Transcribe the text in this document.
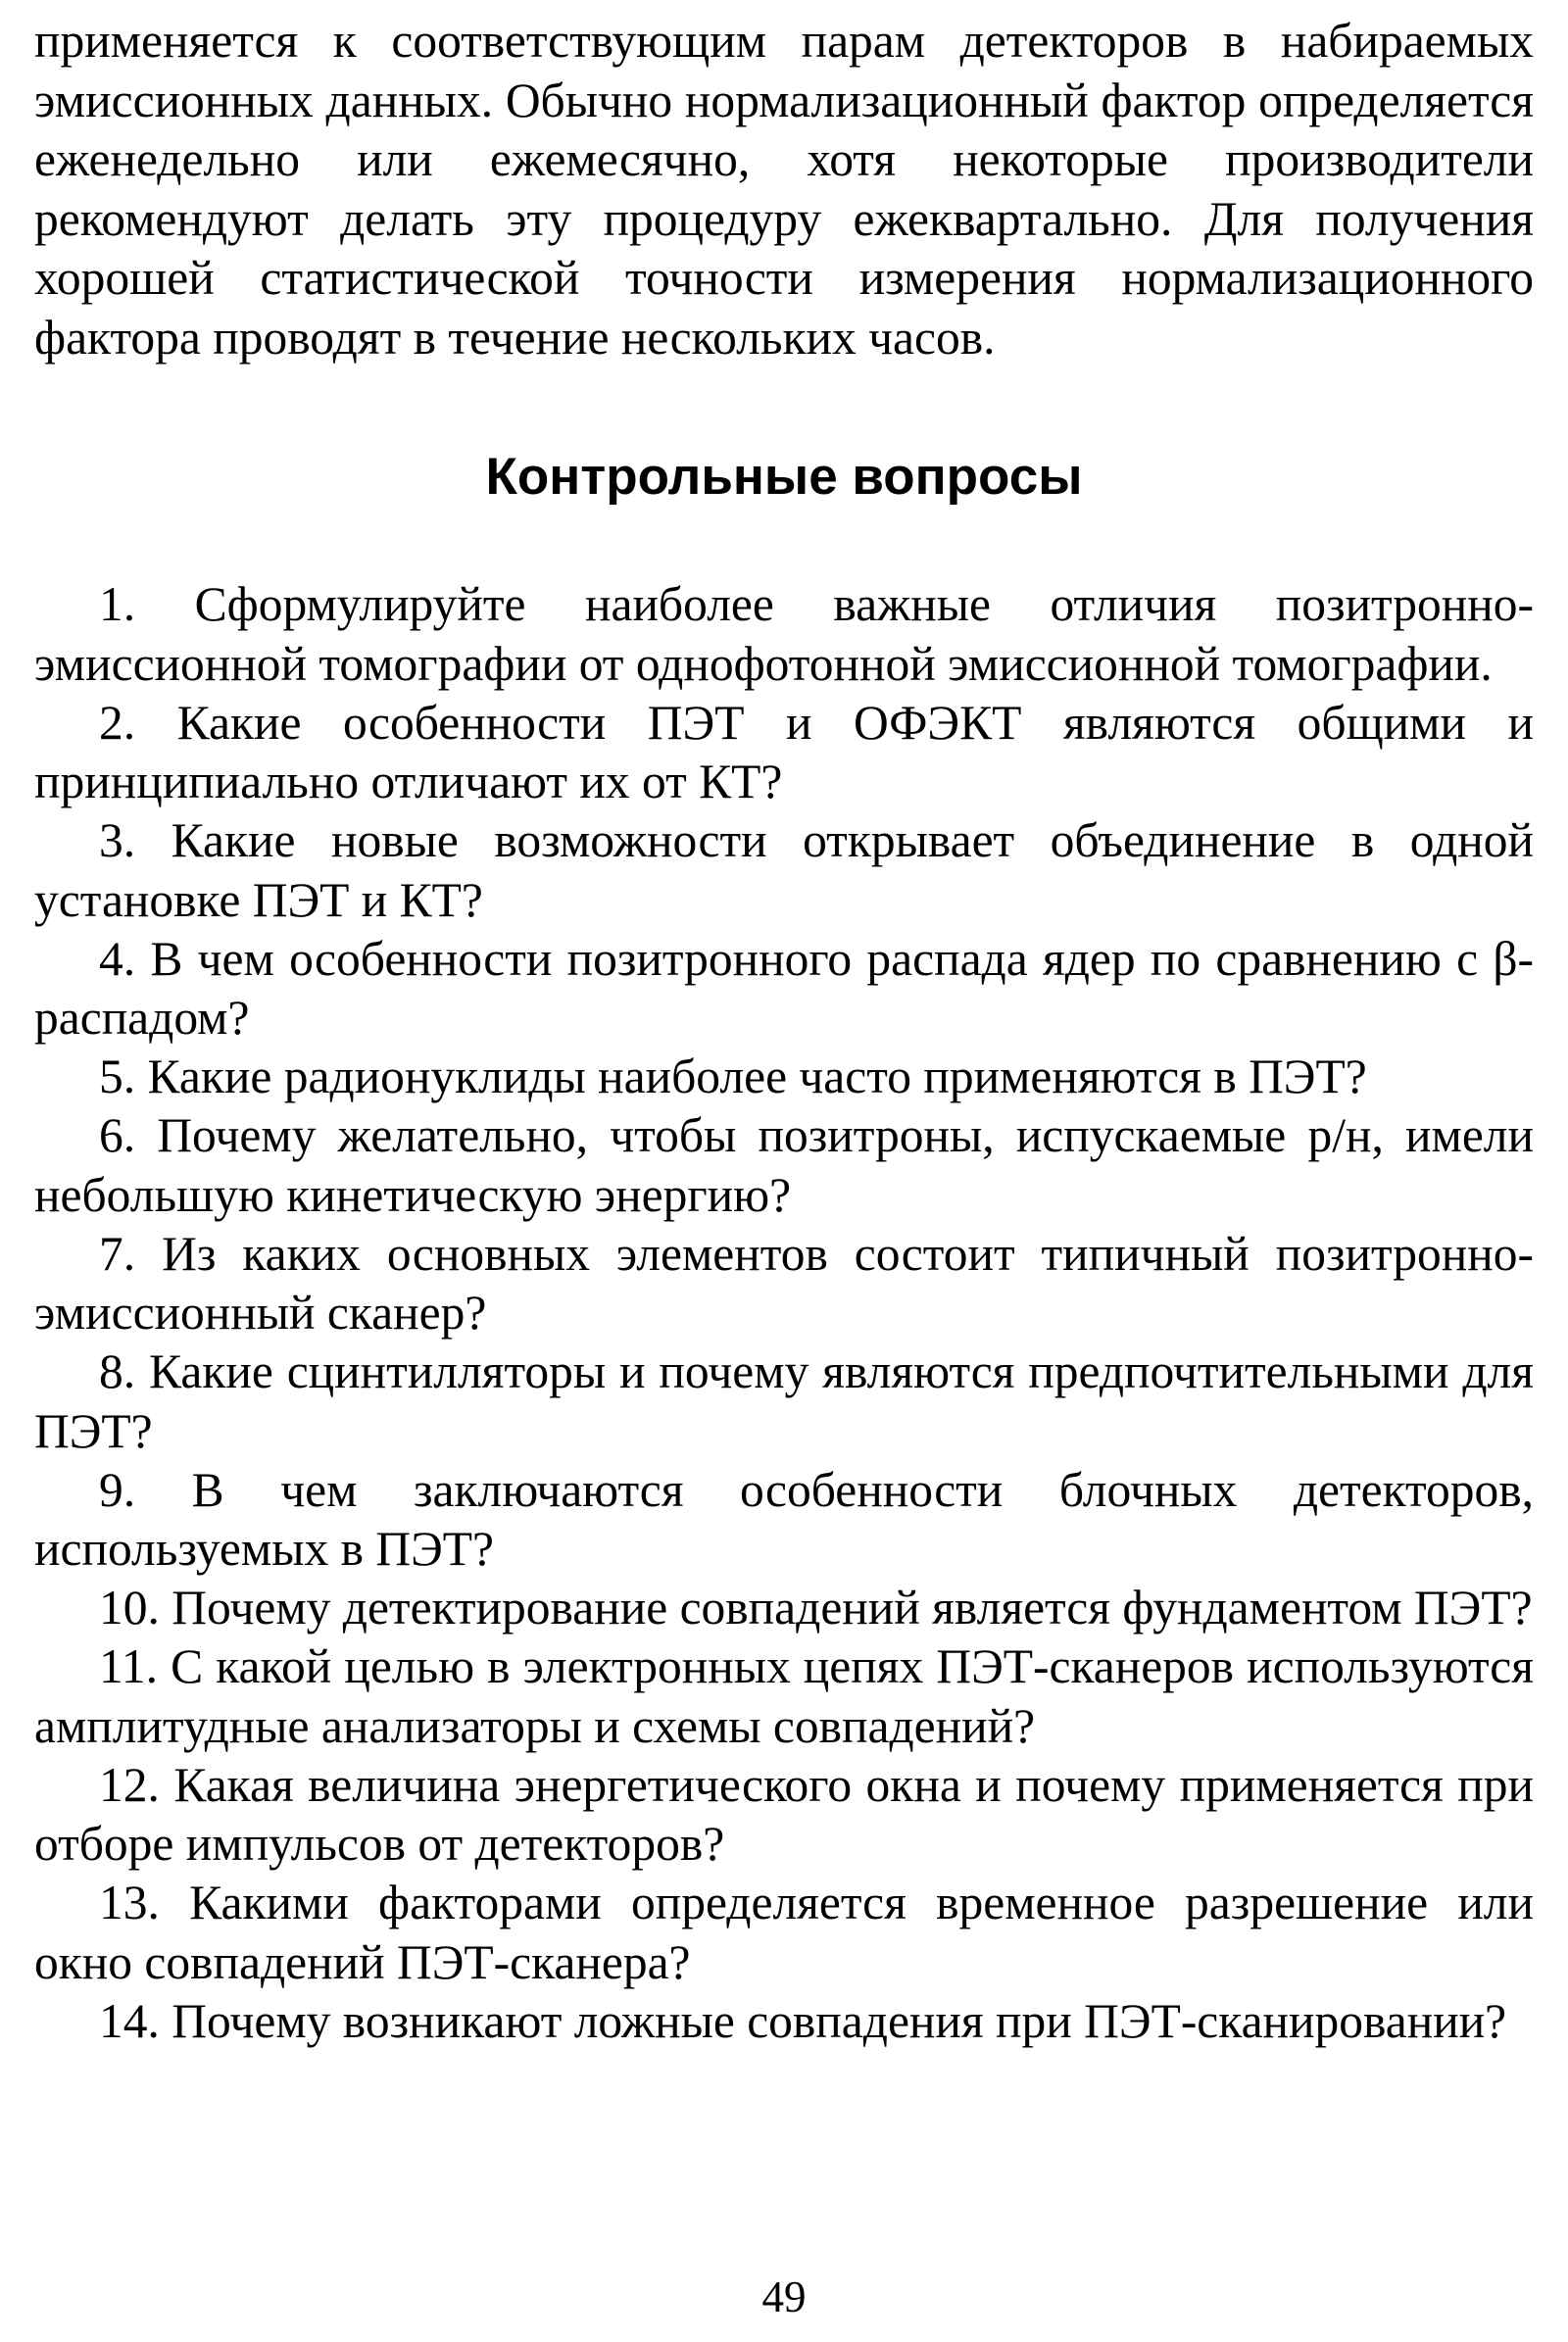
применяется к соответствующим парам детекторов в набираемых эмиссионных данных. Обычно нормализационный фактор определяется еженедельно или ежемесячно, хотя некоторые производители рекомендуют делать эту процедуру ежеквартально. Для получения хорошей статистической точности измерения нормализационного фактора проводят в течение нескольких часов.

Контрольные вопросы
1. Сформулируйте наиболее важные отличия позитронно-эмиссионной томографии от однофотонной эмиссионной томографии.
2. Какие особенности ПЭТ и ОФЭКТ являются общими и принципиально отличают их от КТ?
3. Какие новые возможности открывает объединение в одной установке ПЭТ и КТ?
4. В чем особенности позитронного распада ядер по сравнению с β-распадом?
5. Какие радионуклиды наиболее часто применяются в ПЭТ?
6. Почему желательно, чтобы позитроны, испускаемые р/н, имели небольшую кинетическую энергию?
7. Из каких основных элементов состоит типичный позитронно-эмиссионный сканер?
8. Какие сцинтилляторы и почему являются предпочтительными для ПЭТ?
9. В чем заключаются особенности блочных детекторов, используемых в ПЭТ?
10. Почему детектирование совпадений является фундаментом ПЭТ?
11. С какой целью в электронных цепях ПЭТ-сканеров используются амплитудные анализаторы и схемы совпадений?
12. Какая величина энергетического окна и почему применяется при отборе импульсов от детекторов?
13. Какими факторами определяется временное разрешение или окно совпадений ПЭТ-сканера?
14. Почему возникают ложные совпадения при ПЭТ-сканировании?
49
